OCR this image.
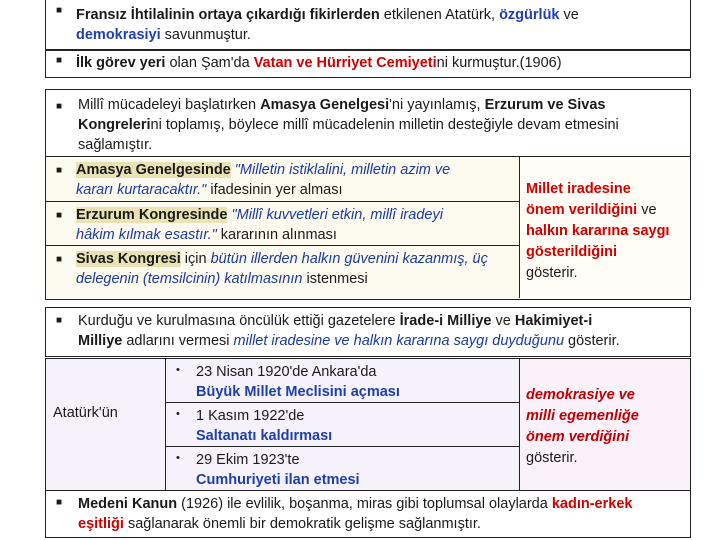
■ Fransız İhtilalinin ortaya çıkardığı fikirlerden etkilenen Atatürk, özgürlük ve
demokrasiyi savunmuştur.
■ İlk görev yeri olan Şam'da Vatan ve Hürriyet Cemiyetini kurmuştur.(1906)
■ Millî mücadeleyi başlatırken Amasya Genelgesi'ni yayınlamış, Erzurum ve Sivas
Kongrelerini toplamış, böylece millî mücadelenin milletin desteğiyle devam etmesini
sağlamıştır.
■ Amasya Genelgesinde "Milletin istiklalini, milletin azim ve
kararı kurtaracaktır." ifadesinin yer alması
■ Erzurum Kongresinde "Millî kuvvetleri etkin, millî iradeyi
hâkim kılmak esastır." kararının alınması
■ Sivas Kongresi için bütün illerden halkın güvenini kazanmış, üç
delegenin (temsilcinin) katılmasının istenmesi
Millet iradesine
önem verildiğini ve
halkın kararına saygı
gösterildiğini
gösterir.
■ Kurduğu ve kurulmasına öncülük ettiği gazetelere İrade-i Milliye ve Hakimiyet-i
Milliye adlarını vermesi millet iradesine ve halkın kararına saygı duyduğunu gösterir.
Atatürk'ün
• 23 Nisan 1920'de Ankara'da
Büyük Millet Meclisini açması
• 1 Kasım 1922'de
Saltanatı kaldırması
• 29 Ekim 1923'te
Cumhuriyeti ilan etmesi
demokrasiye ve
milli egemenliğe
önem verdiğini
gösterir.
■ Medeni Kanun (1926) ile evlilik, boşanma, miras gibi toplumsal olaylarda kadın-erkek
eşitliği sağlanarak önemli bir demokratik gelişme sağlanmıştır.
